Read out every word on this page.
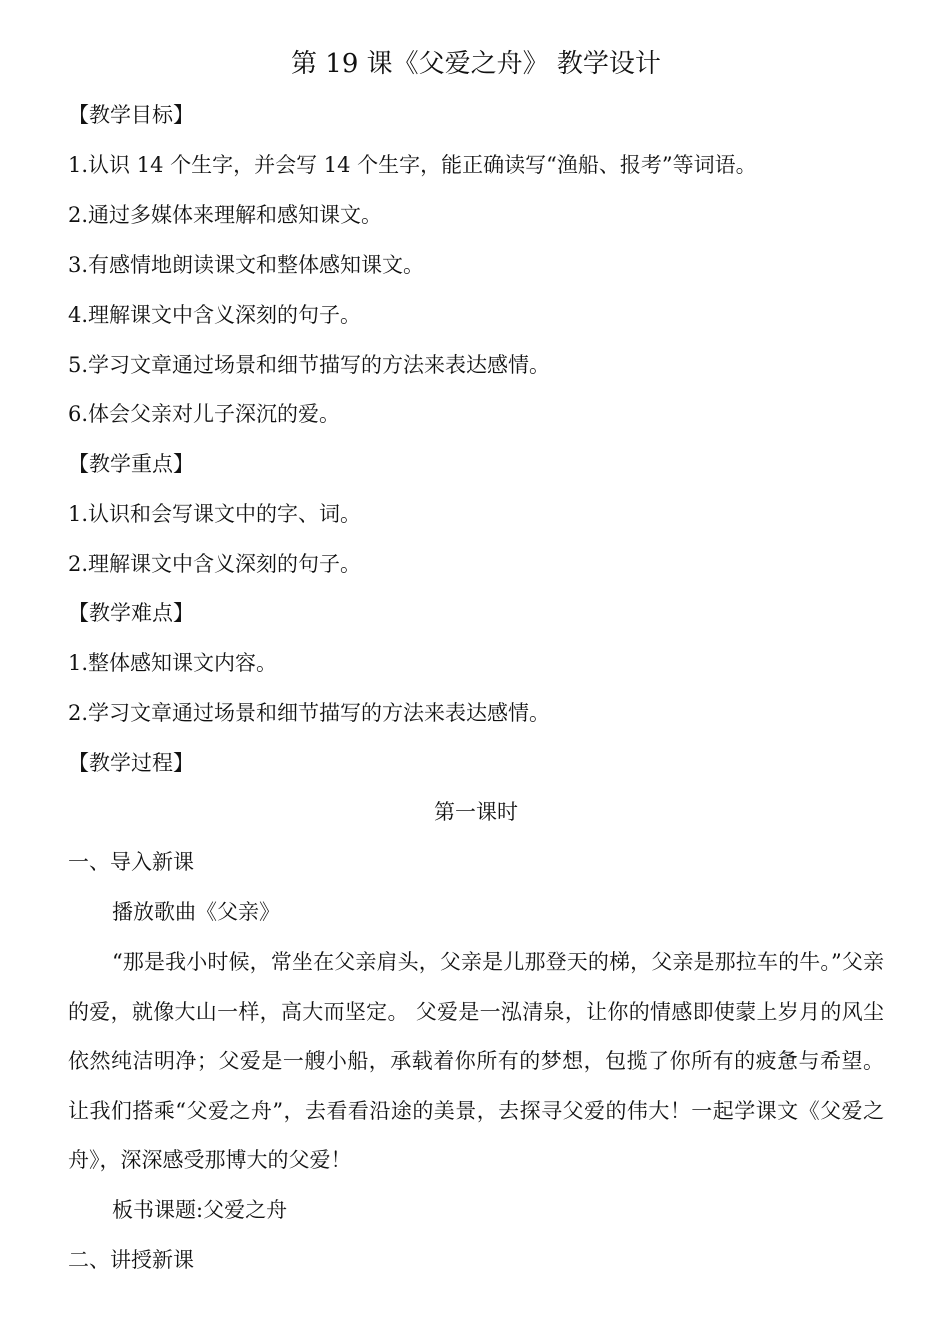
第 19 课《父爱之舟》 教学设计
【教学目标】
1.认识 14 个生字，并会写 14 个生字，能正确读写“渔船、报考”等词语。
2.通过多媒体来理解和感知课文。
3.有感情地朗读课文和整体感知课文。
4.理解课文中含义深刻的句子。
5.学习文章通过场景和细节描写的方法来表达感情。
6.体会父亲对儿子深沉的爱。
【教学重点】
1.认识和会写课文中的字、词。
2.理解课文中含义深刻的句子。
【教学难点】
1.整体感知课文内容。
2.学习文章通过场景和细节描写的方法来表达感情。
【教学过程】
第一课时
一、导入新课
播放歌曲《父亲》
“那是我小时候，常坐在父亲肩头，父亲是儿那登天的梯，父亲是那拉车的牛。”父亲的爱，就像大山一样，高大而坚定。 父爱是一泓清泉，让你的情感即使蒙上岁月的风尘依然纯洁明净；父爱是一艘小船，承载着你所有的梦想，包揽了你所有的疲惫与希望。让我们搭乘“父爱之舟”，去看看沿途的美景，去探寻父爱的伟大！一起学课文《父爱之舟》，深深感受那博大的父爱！
板书课题:父爱之舟
二、讲授新课
